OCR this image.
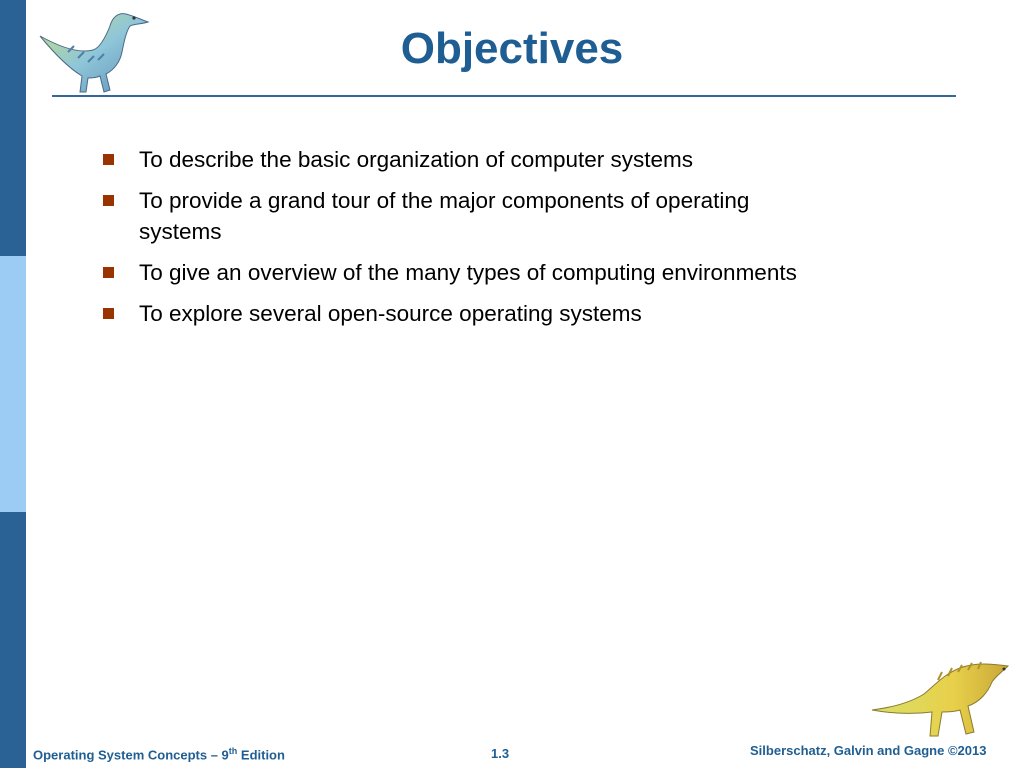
Objectives
To describe the basic organization of computer systems
To provide a grand tour of the major components of operating systems
To give an overview of the many types of computing environments
To explore several open-source operating systems
Operating System Concepts – 9th Edition	1.3	Silberschatz, Galvin and Gagne ©2013
